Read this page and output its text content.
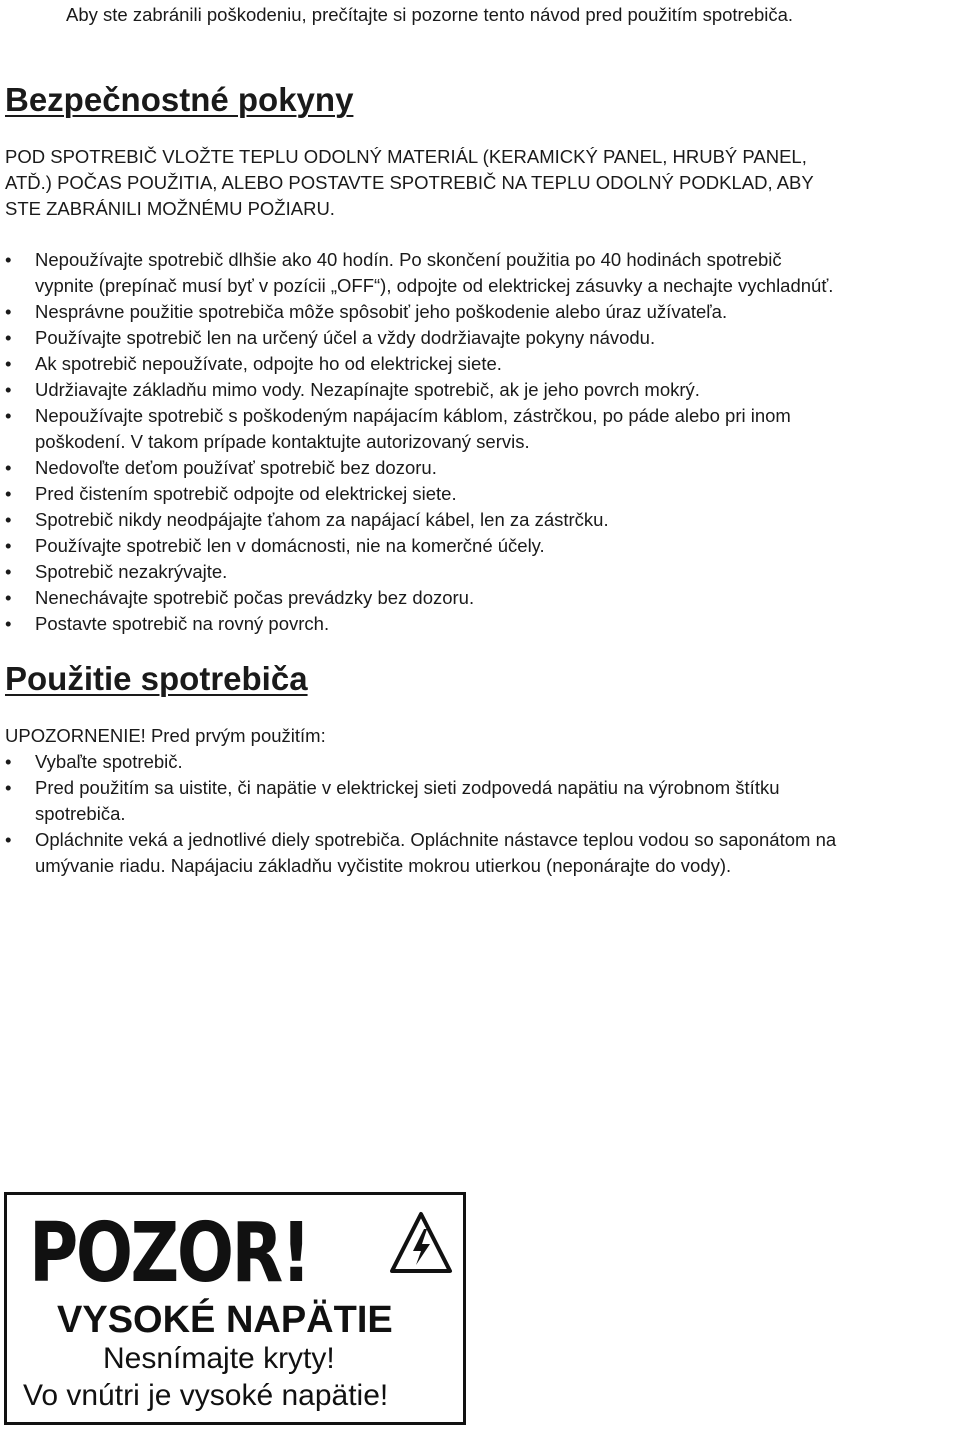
Aby ste zabránili poškodeniu, prečítajte si pozorne tento návod pred použitím spotrebiča.
Bezpečnostné pokyny
POD SPOTREBIČ VLOŽTE TEPLU ODOLNÝ MATERIÁL (KERAMICKÝ PANEL, HRUBÝ PANEL,
ATĎ.) POČAS POUŽITIA, ALEBO POSTAVTE SPOTREBIČ NA TEPLU ODOLNÝ PODKLAD, ABY
STE ZABRÁNILI MOŽNÉMU POŽIARU.
• Nepoužívajte spotrebič dlhšie ako 40 hodín. Po skončení použitia po 40 hodinách spotrebič
vypnite (prepínač musí byť v pozícii „OFF“), odpojte od elektrickej zásuvky a nechajte vychladnúť.
• Nesprávne použitie spotrebiča môže spôsobiť jeho poškodenie alebo úraz užívateľa.
• Používajte spotrebič len na určený účel a vždy dodržiavajte pokyny návodu.
• Ak spotrebič nepoužívate, odpojte ho od elektrickej siete.
• Udržiavajte základňu mimo vody. Nezapínajte spotrebič, ak je jeho povrch mokrý.
• Nepoužívajte spotrebič s poškodeným napájacím káblom, zástrčkou, po páde alebo pri inom
poškodení. V takom prípade kontaktujte autorizovaný servis.
• Nedovoľte deťom používať spotrebič bez dozoru.
• Pred čistením spotrebič odpojte od elektrickej siete.
• Spotrebič nikdy neodpájajte ťahom za napájací kábel, len za zástrčku.
• Používajte spotrebič len v domácnosti, nie na komerčné účely.
• Spotrebič nezakrývajte.
• Nenechávajte spotrebič počas prevádzky bez dozoru.
• Postavte spotrebič na rovný povrch.
Použitie spotrebiča
UPOZORNENIE! Pred prvým použitím:
• Vybaľte spotrebič.
• Pred použitím sa uistite, či napätie v elektrickej sieti zodpovedá napätiu na výrobnom štítku
spotrebiča.
• Opláchnite veká a jednotlivé diely spotrebiča. Opláchnite nástavce teplou vodou so saponátom na
umývanie riadu. Napájaciu základňu vyčistite mokrou utierkou (neponárajte do vody).
POZOR!
VYSOKÉ NAPÄTIE
Nesnímajte kryty!
Vo vnútri je vysoké napätie!
